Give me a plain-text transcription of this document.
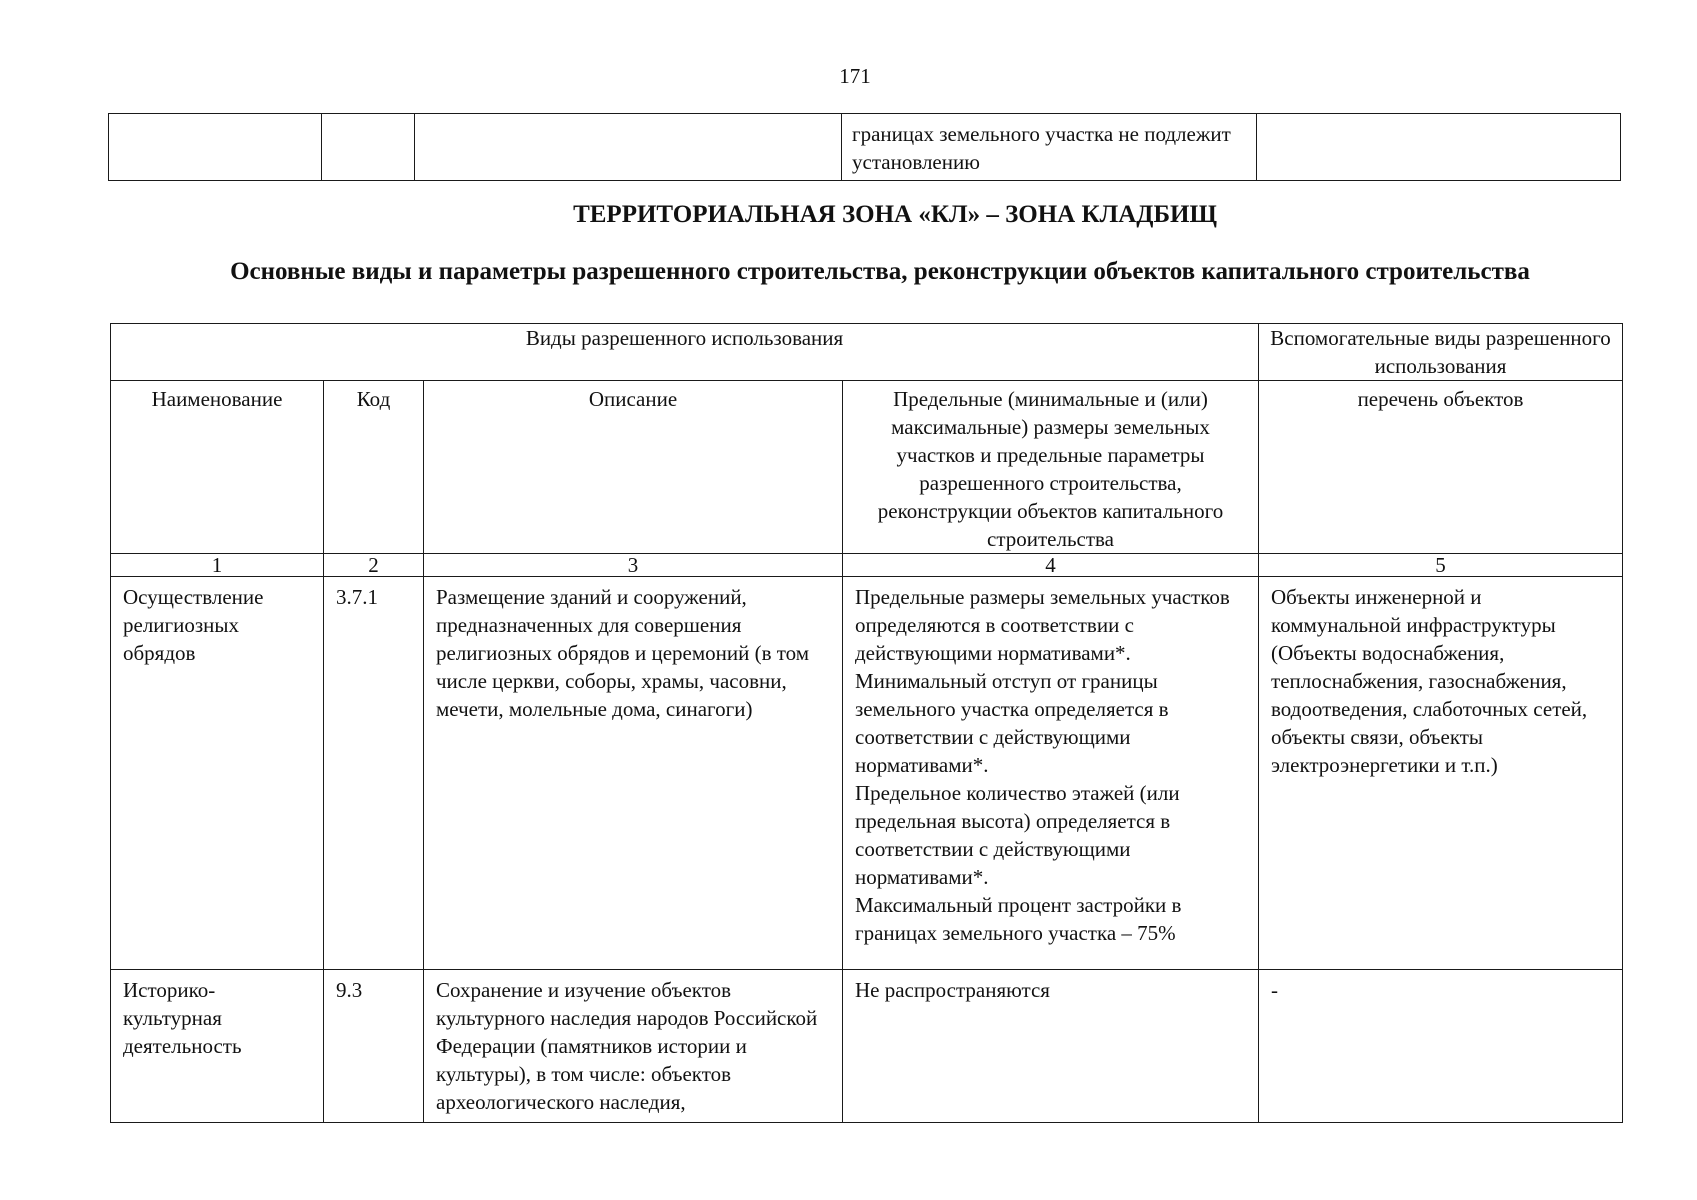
171
			границах земельного участка не подлежит установлению	
ТЕРРИТОРИАЛЬНАЯ ЗОНА «КЛ» – ЗОНА КЛАДБИЩ
Основные виды и параметры разрешенного строительства, реконструкции объектов капитального строительства
Виды разрешенного использования				Вспомогательные виды разрешенного использования
Наименование	Код	Описание	Предельные (минимальные и (или) максимальные) размеры земельных участков и предельные параметры разрешенного строительства, реконструкции объектов капитального строительства	перечень объектов
1	2	3	4	5
Осуществление религиозных обрядов	3.7.1	Размещение зданий и сооружений, предназначенных для совершения религиозных обрядов и церемоний (в том числе церкви, соборы, храмы, часовни, мечети, молельные дома, синагоги)	Предельные размеры земельных участков определяются в соответствии с действующими нормативами*.
Минимальный отступ от границы земельного участка определяется в соответствии с действующими нормативами*.
Предельное количество этажей (или предельная высота) определяется в соответствии с действующими нормативами*.
Максимальный процент застройки в границах земельного участка – 75%	Объекты инженерной и коммунальной инфраструктуры (Объекты водоснабжения, теплоснабжения, газоснабжения, водоотведения, слаботочных сетей, объекты связи, объекты электроэнергетики и т.п.)
Историко-культурная деятельность	9.3	Сохранение и изучение объектов культурного наследия народов Российской Федерации (памятников истории и культуры), в том числе: объектов археологического наследия,	Не распространяются	-
